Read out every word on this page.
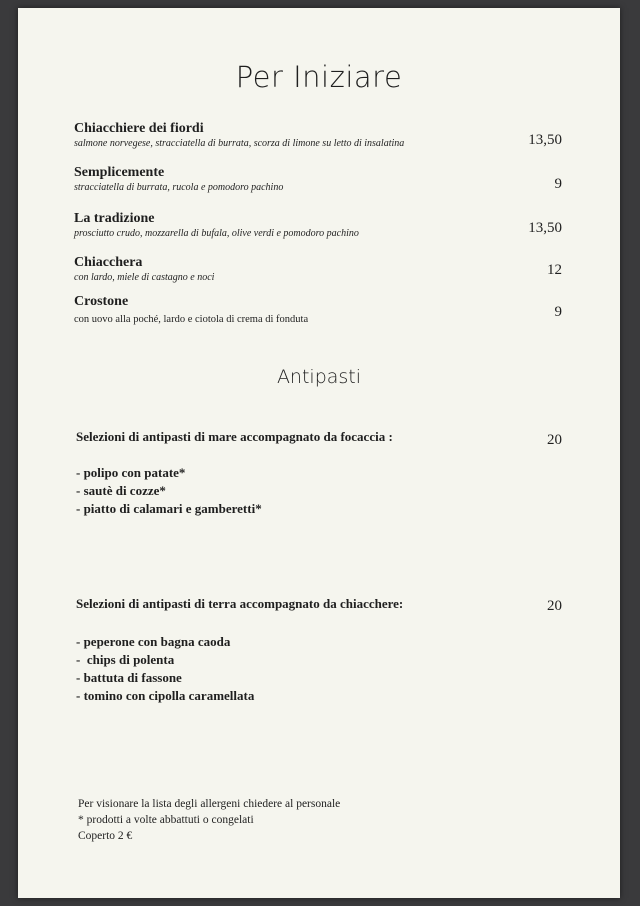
Per Iniziare
Chiacchiere dei fiordi
salmone norvegese, stracciatella di burrata, scorza di limone su letto di insalatina	13,50
Semplicemente
stracciatella di burrata, rucola e pomodoro pachino	9
La tradizione
prosciutto crudo, mozzarella di bufala, olive verdi e pomodoro pachino	13,50
Chiacchera
con lardo, miele di castagno e noci	12
Crostone
con uovo alla poché, lardo e ciotola di crema di fonduta	9
Antipasti
Selezioni di antipasti di mare accompagnato da focaccia :	20
- polipo con patate*
- sautè di cozze*
- piatto di calamari e gamberetti*
Selezioni di antipasti di terra accompagnato da chiacchere:	20
- peperone con bagna caoda
-  chips di polenta
- battuta di fassone
- tomino con cipolla caramellata
Per visionare la lista degli allergeni chiedere al personale
* prodotti a volte abbattuti o congelati
Coperto 2 €
